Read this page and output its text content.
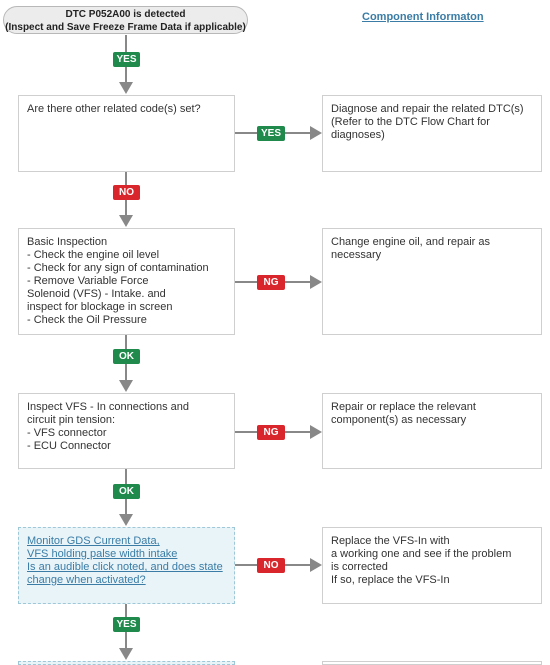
DTC P052A00 is detected
(Inspect and Save Freeze Frame Data if applicable)
Component Informaton
YES
Are there other related code(s) set?
YES
Diagnose and repair the related DTC(s)
(Refer to the DTC Flow Chart for
diagnoses)
NO
Basic Inspection
- Check the engine oil level
- Check for any sign of contamination
- Remove Variable Force
Solenoid (VFS) - Intake. and
inspect for blockage in screen
- Check the Oil Pressure
NG
Change engine oil, and repair as
necessary
OK
Inspect VFS - In connections and
circuit pin tension:
- VFS connector
- ECU Connector
NG
Repair or replace the relevant
component(s) as necessary
OK
Monitor GDS Current Data,
VFS holding palse width intake
Is an audible click noted, and does state
change when activated?
NO
Replace the VFS-In with
a working one and see if the problem
is corrected
If so, replace the VFS-In
YES
